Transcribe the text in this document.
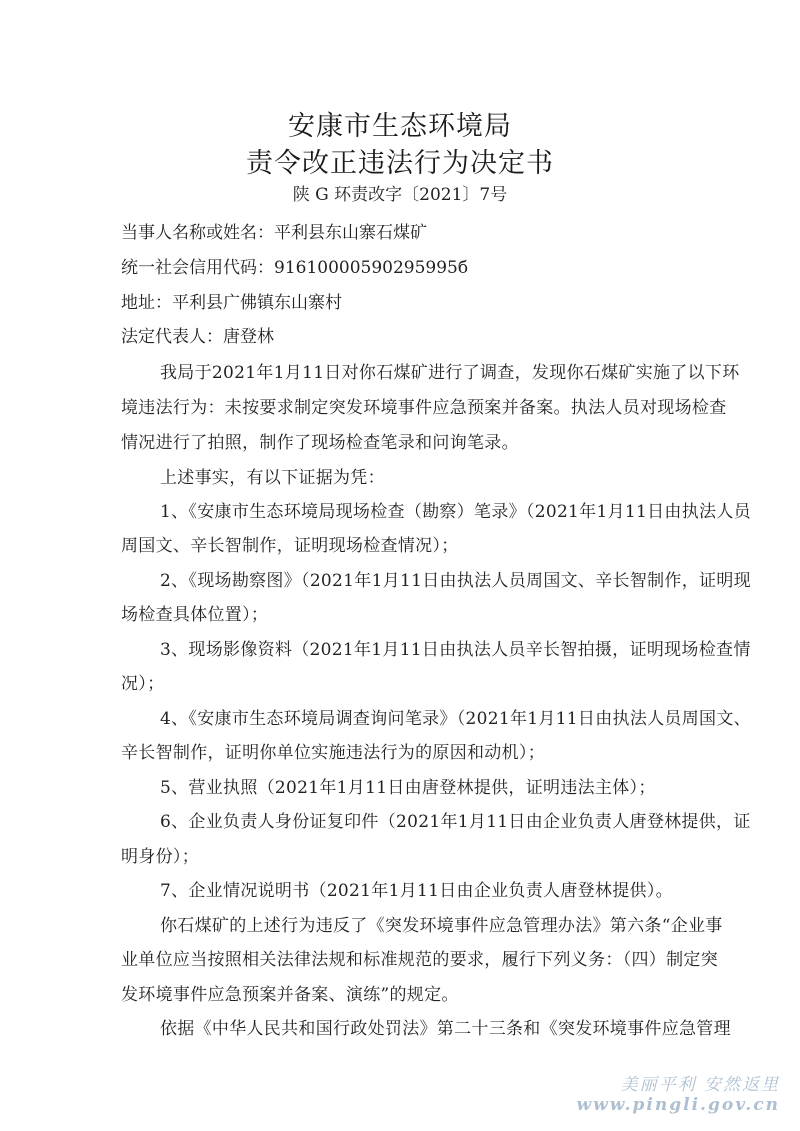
安康市生态环境局
责令改正违法行为决定书
陕 G 环责改字〔2021〕7号
当事人名称或姓名：平利县东山寨石煤矿
统一社会信用代码：91610000590295995б
地址：平利县广佛镇东山寨村
法定代表人：唐登林
我局于2021年1月11日对你石煤矿进行了调查，发现你石煤矿实施了以下环
境违法行为：未按要求制定突发环境事件应急预案并备案。执法人员对现场检查
情况进行了拍照，制作了现场检查笔录和问询笔录。
上述事实，有以下证据为凭：
1、《安康市生态环境局现场检查（勘察）笔录》（2021年1月11日由执法人员
周国文、辛长智制作，证明现场检查情况）；
2、《现场勘察图》（2021年1月11日由执法人员周国文、辛长智制作，证明现
场检查具体位置）；
3、现场影像资料（2021年1月11日由执法人员辛长智拍摄，证明现场检查情
况）；
4、《安康市生态环境局调查询问笔录》（2021年1月11日由执法人员周国文、
辛长智制作，证明你单位实施违法行为的原因和动机）；
5、营业执照（2021年1月11日由唐登林提供，证明违法主体）；
6、企业负责人身份证复印件（2021年1月11日由企业负责人唐登林提供，证
明身份）；
7、企业情况说明书（2021年1月11日由企业负责人唐登林提供）。
你石煤矿的上述行为违反了《突发环境事件应急管理办法》第六条“企业事
业单位应当按照相关法律法规和标准规范的要求，履行下列义务：（四）制定突
发环境事件应急预案并备案、演练”的规定。
依据《中华人民共和国行政处罚法》第二十三条和《突发环境事件应急管理
美丽平利 安然返里
www.pingli.gov.cn
